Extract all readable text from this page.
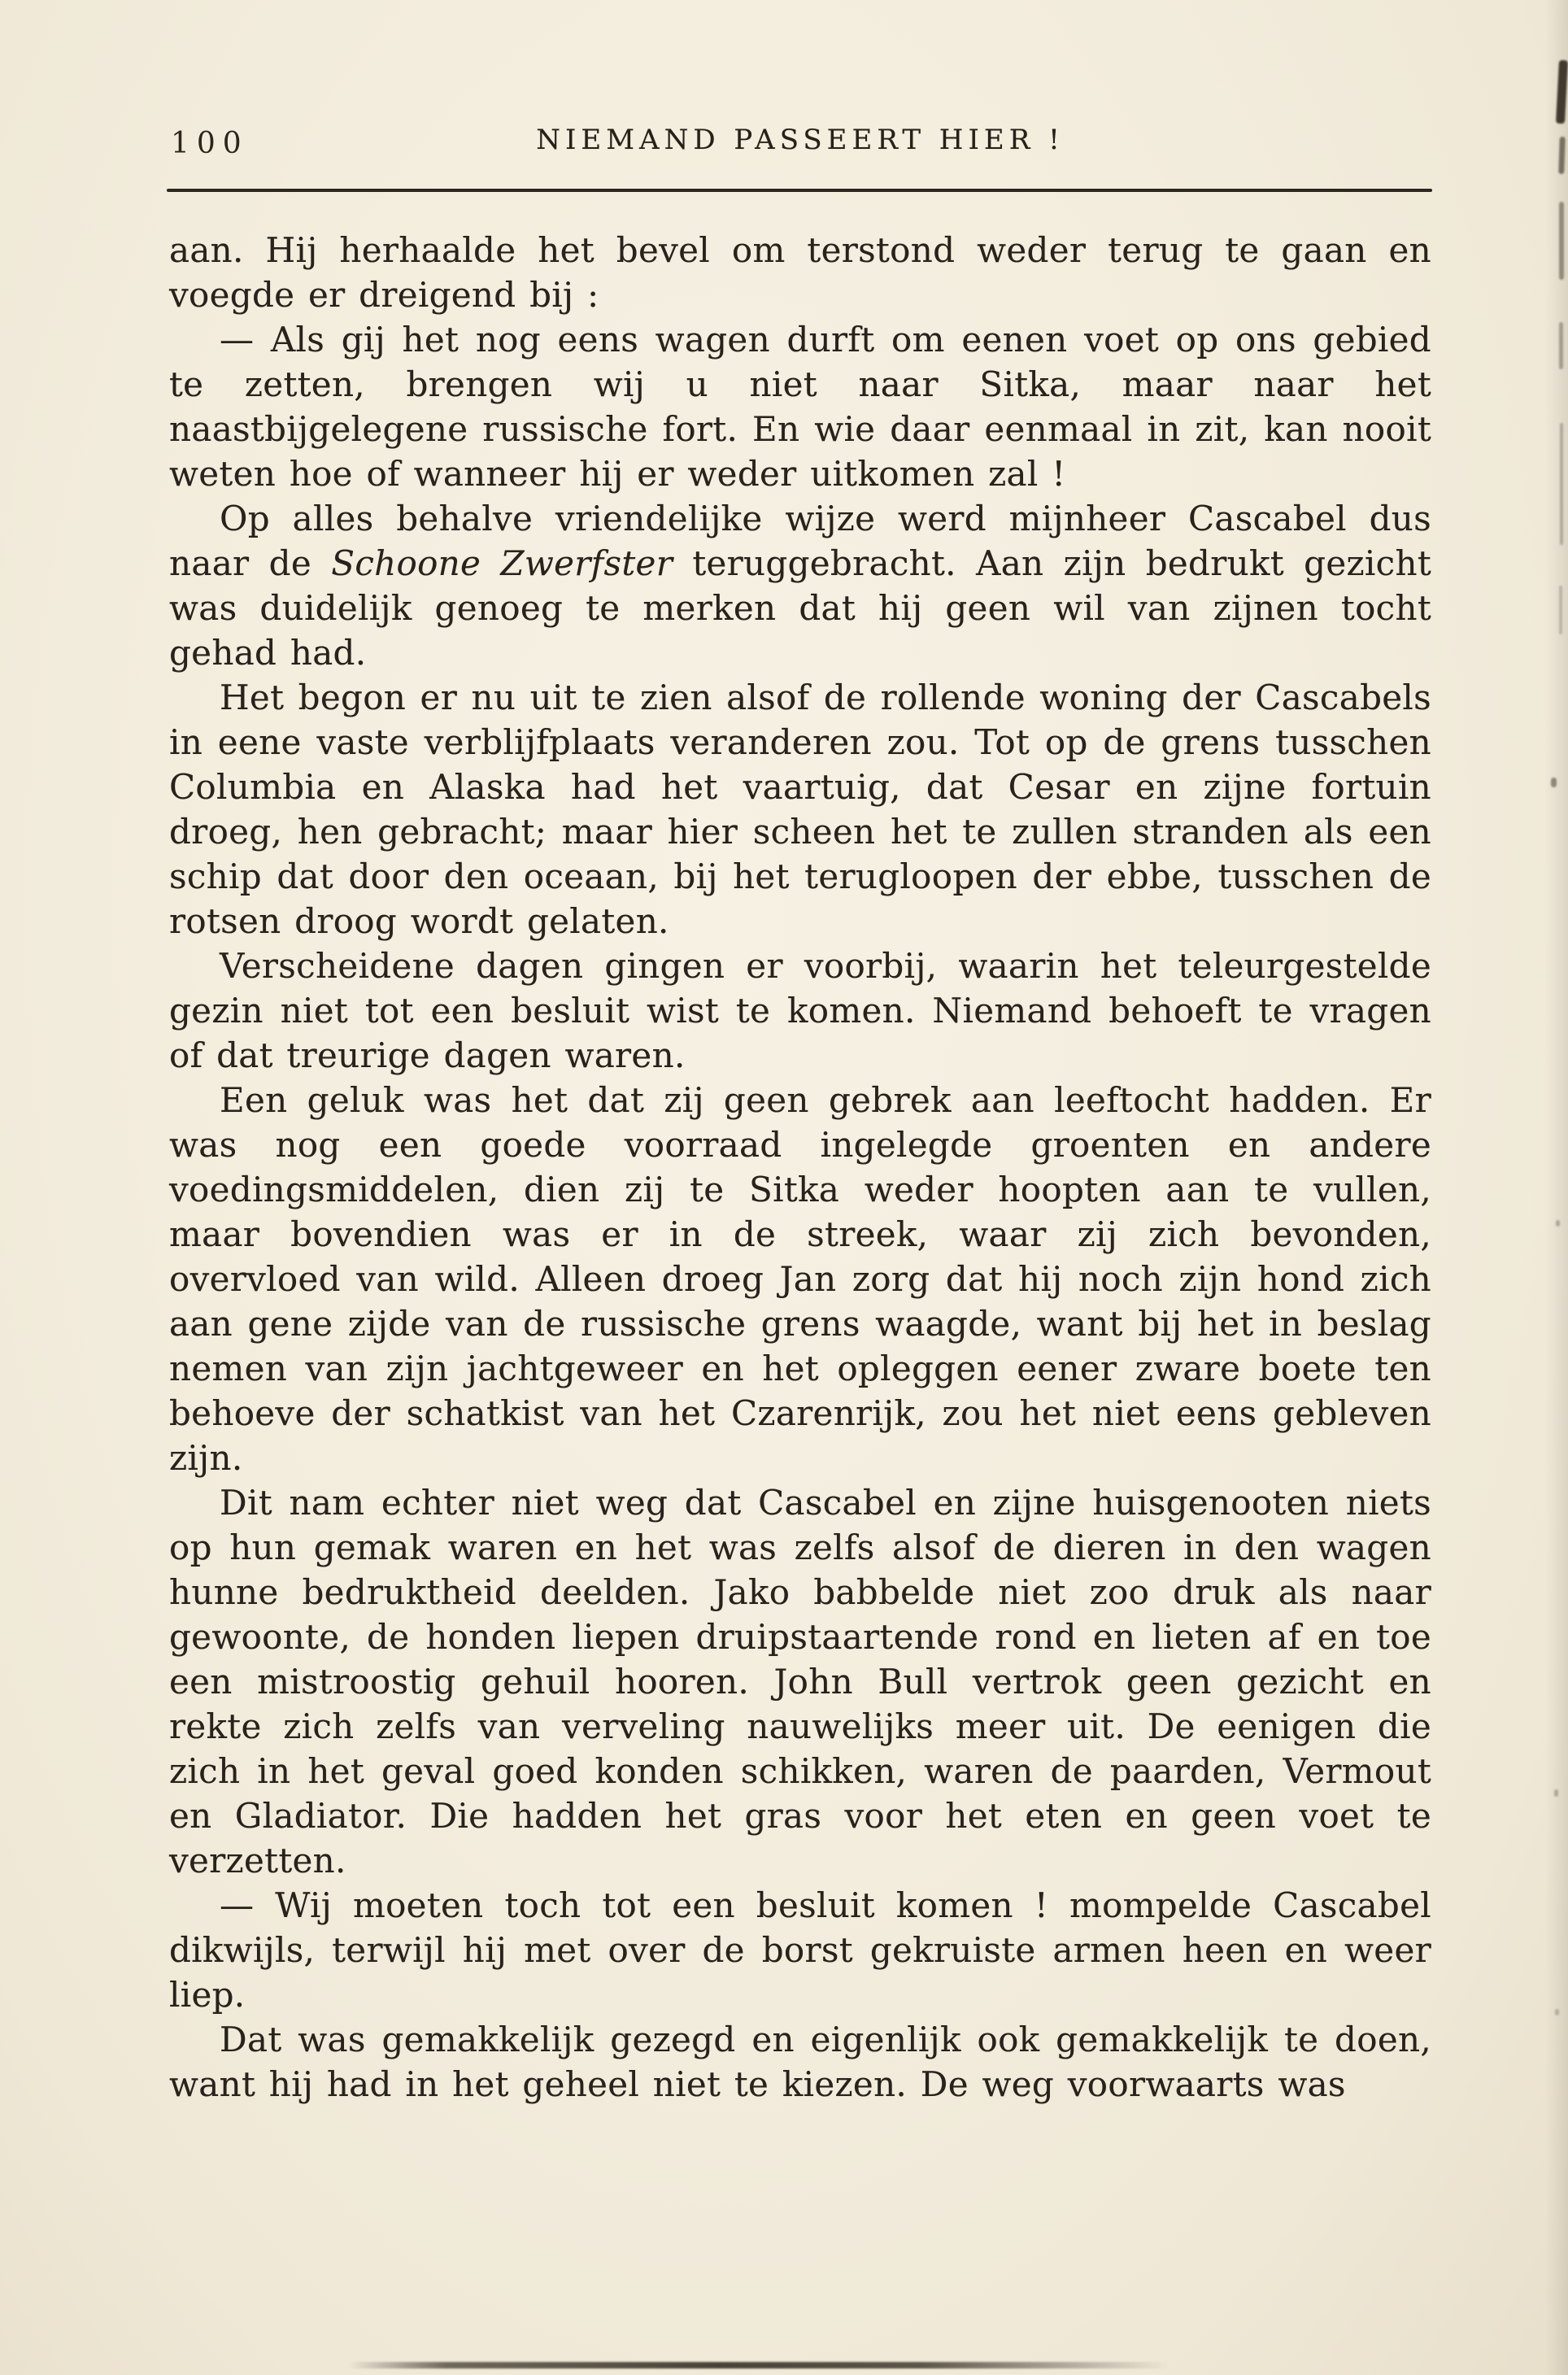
100	NIEMAND PASSEERT HIER !

aan. Hij herhaalde het bevel om terstond weder terug te gaan en voegde er dreigend bij :

— Als gij het nog eens wagen durft om eenen voet op ons gebied te zetten, brengen wij u niet naar Sitka, maar naar het naastbijgelegene russische fort. En wie daar eenmaal in zit, kan nooit weten hoe of wanneer hij er weder uitkomen zal !

Op alles behalve vriendelijke wijze werd mijnheer Cascabel dus naar de Schoone Zwerfster teruggebracht. Aan zijn bedrukt gezicht was duidelijk genoeg te merken dat hij geen wil van zijnen tocht gehad had.

Het begon er nu uit te zien alsof de rollende woning der Cascabels in eene vaste verblijfplaats veranderen zou. Tot op de grens tusschen Columbia en Alaska had het vaartuig, dat Cesar en zijne fortuin droeg, hen gebracht; maar hier scheen het te zullen stranden als een schip dat door den oceaan, bij het terugloopen der ebbe, tusschen de rotsen droog wordt gelaten.

Verscheidene dagen gingen er voorbij, waarin het teleurgestelde gezin niet tot een besluit wist te komen. Niemand behoeft te vragen of dat treurige dagen waren.

Een geluk was het dat zij geen gebrek aan leeftocht hadden. Er was nog een goede voorraad ingelegde groenten en andere voedingsmiddelen, dien zij te Sitka weder hoopten aan te vullen, maar bovendien was er in de streek, waar zij zich bevonden, overvloed van wild. Alleen droeg Jan zorg dat hij noch zijn hond zich aan gene zijde van de russische grens waagde, want bij het in beslag nemen van zijn jachtgeweer en het opleggen eener zware boete ten behoeve der schatkist van het Czarenrijk, zou het niet eens gebleven zijn.

Dit nam echter niet weg dat Cascabel en zijne huisgenooten niets op hun gemak waren en het was zelfs alsof de dieren in den wagen hunne bedruktheid deelden. Jako babbelde niet zoo druk als naar gewoonte, de honden liepen druipstaartende rond en lieten af en toe een mistroostig gehuil hooren. John Bull vertrok geen gezicht en rekte zich zelfs van verveling nauwelijks meer uit. De eenigen die zich in het geval goed konden schikken, waren de paarden, Vermout en Gladiator. Die hadden het gras voor het eten en geen voet te verzetten.

— Wij moeten toch tot een besluit komen ! mompelde Cascabel dikwijls, terwijl hij met over de borst gekruiste armen heen en weer liep.

Dat was gemakkelijk gezegd en eigenlijk ook gemakkelijk te doen, want hij had in het geheel niet te kiezen. De weg voorwaarts was
